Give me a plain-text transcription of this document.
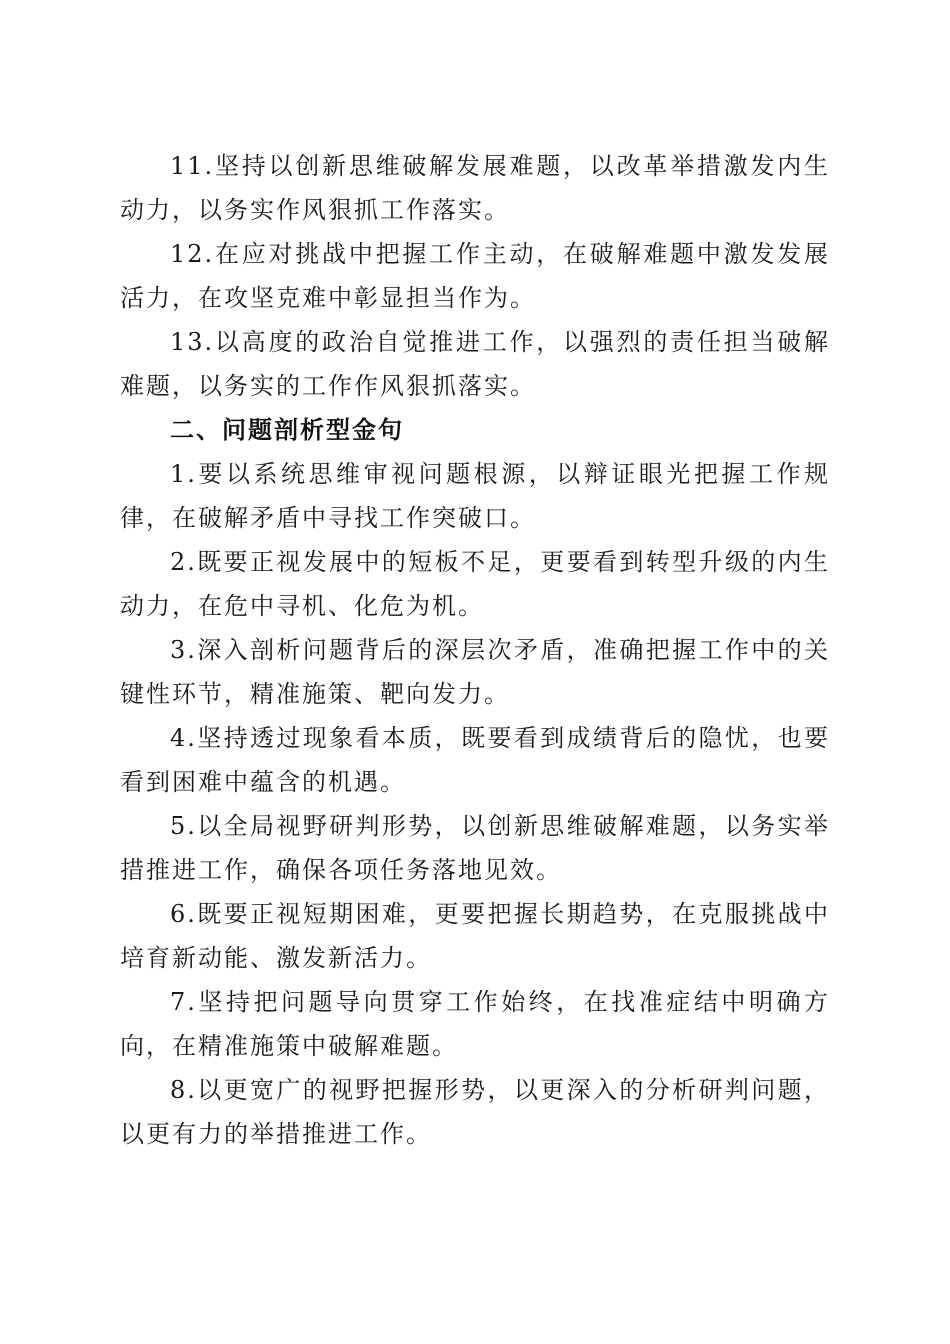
11.坚持以创新思维破解发展难题，以改革举措激发内生动力，以务实作风狠抓工作落实。

12.在应对挑战中把握工作主动，在破解难题中激发发展活力，在攻坚克难中彰显担当作为。

13.以高度的政治自觉推进工作，以强烈的责任担当破解难题，以务实的工作作风狠抓落实。

二、问题剖析型金句

1.要以系统思维审视问题根源，以辩证眼光把握工作规律，在破解矛盾中寻找工作突破口。

2.既要正视发展中的短板不足，更要看到转型升级的内生动力，在危中寻机、化危为机。

3.深入剖析问题背后的深层次矛盾，准确把握工作中的关键性环节，精准施策、靶向发力。

4.坚持透过现象看本质，既要看到成绩背后的隐忧，也要看到困难中蕴含的机遇。

5.以全局视野研判形势，以创新思维破解难题，以务实举措推进工作，确保各项任务落地见效。

6.既要正视短期困难，更要把握长期趋势，在克服挑战中培育新动能、激发新活力。

7.坚持把问题导向贯穿工作始终，在找准症结中明确方向，在精准施策中破解难题。

8.以更宽广的视野把握形势，以更深入的分析研判问题，以更有力的举措推进工作。
